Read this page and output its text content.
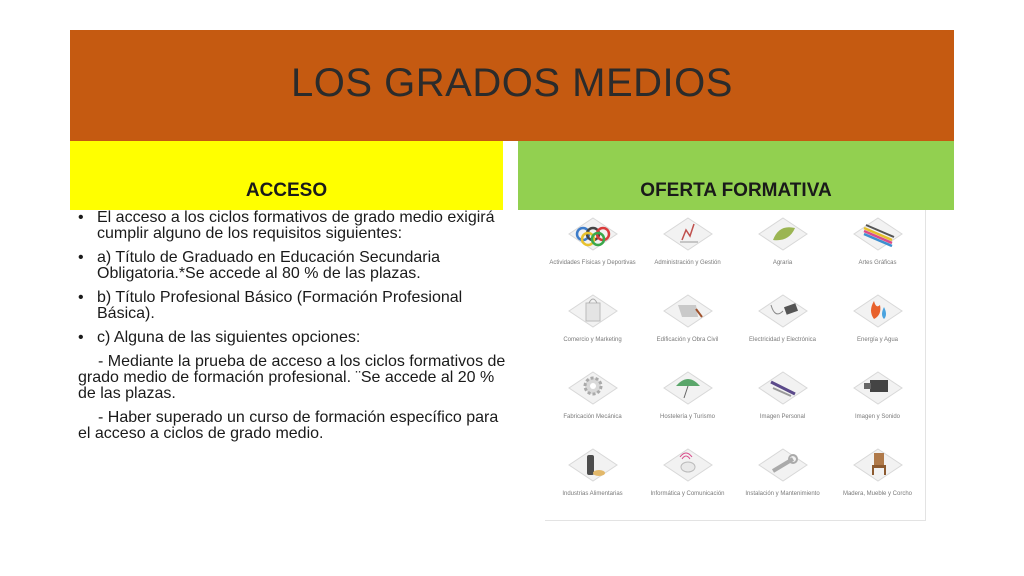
LOS GRADOS MEDIOS
ACCESO	OFERTA FORMATIVA
• El acceso a los ciclos formativos de grado medio exigirá cumplir alguno de los requisitos siguientes:
• a) Título de Graduado en Educación Secundaria Obligatoria.*Se accede al 80 % de las plazas.
• b) Título Profesional Básico (Formación Profesional Básica).
• c) Alguna de las siguientes opciones:
- Mediante la prueba de acceso a los ciclos formativos de grado medio de formación profesional. ¨Se accede al 20 % de las plazas.
- Haber superado un curso de formación específico para el acceso a ciclos de grado medio.
Actividades Físicas y Deportivas	Administración y Gestión	Agraria	Artes Gráficas
Comercio y Marketing	Edificación y Obra Civil	Electricidad y Electrónica	Energía y Agua
Fabricación Mecánica	Hostelería y Turismo	Imagen Personal	Imagen y Sonido
Industrias Alimentarias	Informática y Comunicación	Instalación y Mantenimiento	Madera, Mueble y Corcho
